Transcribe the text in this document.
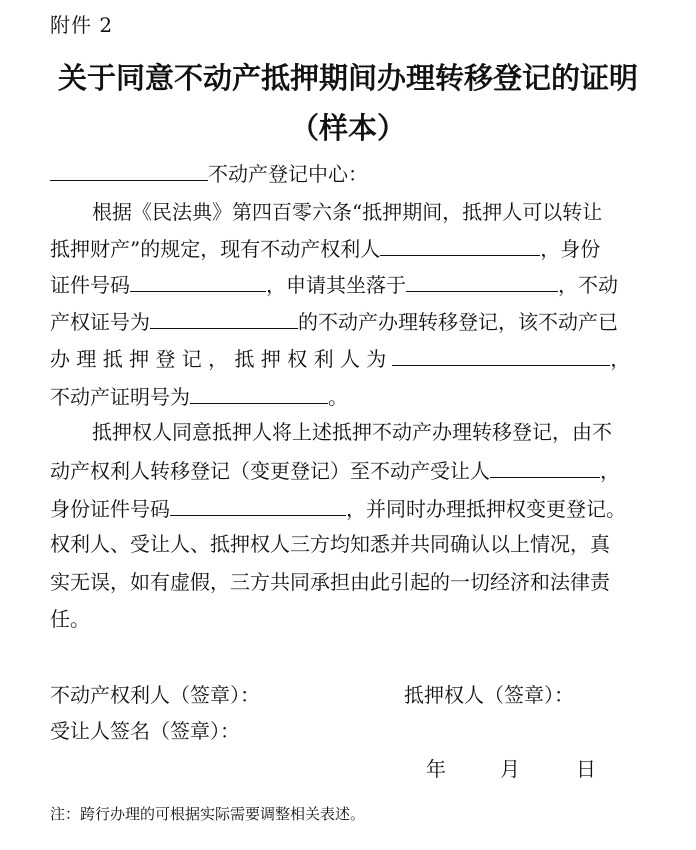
附件 2
关于同意不动产抵押期间办理转移登记的证明
（样本）
不动产登记中心：
根据《民法典》第四百零六条“抵押期间，抵押人可以转让
抵押财产”的规定，现有不动产权利人	，身份
证件号码	，申请其坐落于	，不动
产权证号为	的不动产办理转移登记，该不动产已
办 理 抵 押 登 记 ， 抵 押 权 利 人 为	，
不动产证明号为	。
抵押权人同意抵押人将上述抵押不动产办理转移登记，由不
动产权利人转移登记（变更登记）至不动产受让人	，
身份证件号码	，并同时办理抵押权变更登记。
权利人、受让人、抵押权人三方均知悉并共同确认以上情况，真
实无误，如有虚假，三方共同承担由此引起的一切经济和法律责
任。
不动产权利人（签章）：	抵押权人（签章）：
受让人签名（签章）：
年	月	日
注：跨行办理的可根据实际需要调整相关表述。
